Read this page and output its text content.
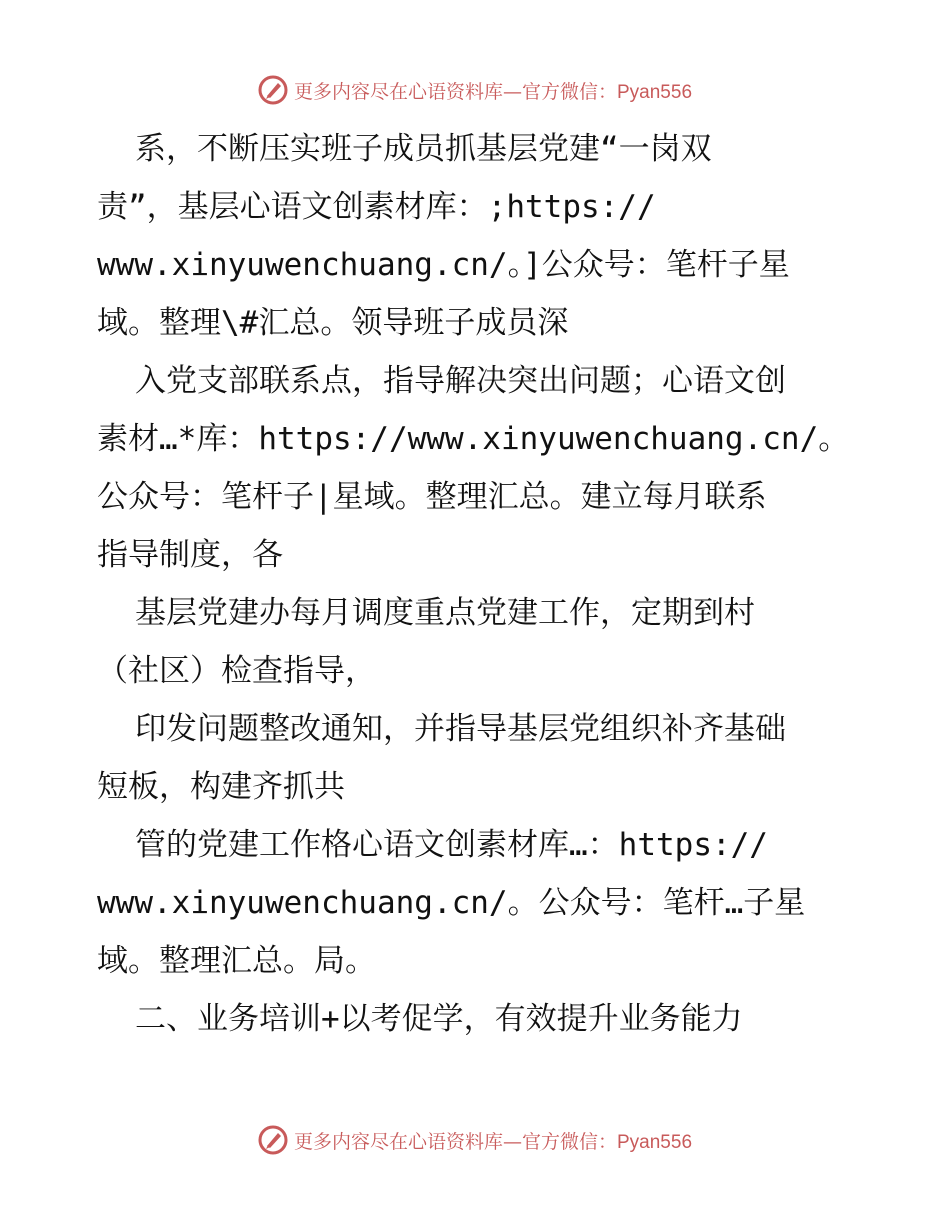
更多内容尽在心语资料库—官方微信：Pyan556
系，不断压实班子成员抓基层党建“一岗双
责”，基层心语文创素材库：;https://
www.xinyuwenchuang.cn/。]公众号：笔杆子星
域。整理\#汇总。领导班子成员深
入党支部联系点，指导解决突出问题；心语文创
素材…*库：https://www.xinyuwenchuang.cn/。
公众号：笔杆子|星域。整理汇总。建立每月联系
指导制度，各
基层党建办每月调度重点党建工作，定期到村
（社区）检查指导，
印发问题整改通知，并指导基层党组织补齐基础
短板，构建齐抓共
管的党建工作格心语文创素材库…：https://
www.xinyuwenchuang.cn/。公众号：笔杆…子星
域。整理汇总。局。
二、业务培训+以考促学，有效提升业务能力
更多内容尽在心语资料库—官方微信：Pyan556
